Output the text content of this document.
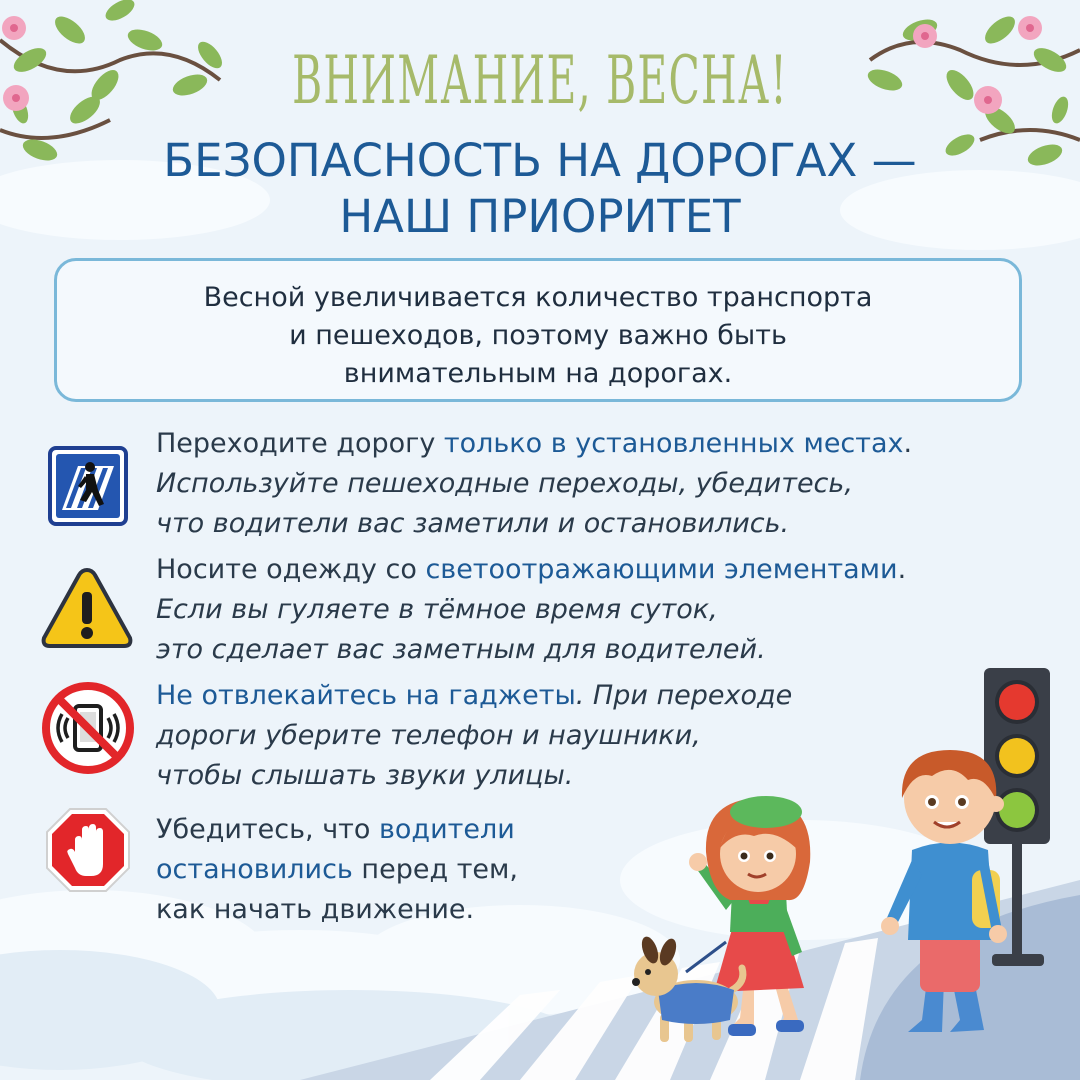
ВНИМАНИЕ, ВЕСНА!
БЕЗОПАСНОСТЬ НА ДОРОГАХ —
НАШ ПРИОРИТЕТ
Весной увеличивается количество транспорта
и пешеходов, поэтому важно быть
внимательным на дорогах.
Переходите дорогу только в установленных местах.
Используйте пешеходные переходы, убедитесь,
что водители вас заметили и остановились.
Носите одежду со светоотражающими элементами.
Если вы гуляете в тёмное время суток,
это сделает вас заметным для водителей.
Не отвлекайтесь на гаджеты. При переходе
дороги уберите телефон и наушники,
чтобы слышать звуки улицы.
Убедитесь, что водители
остановились перед тем,
как начать движение.
